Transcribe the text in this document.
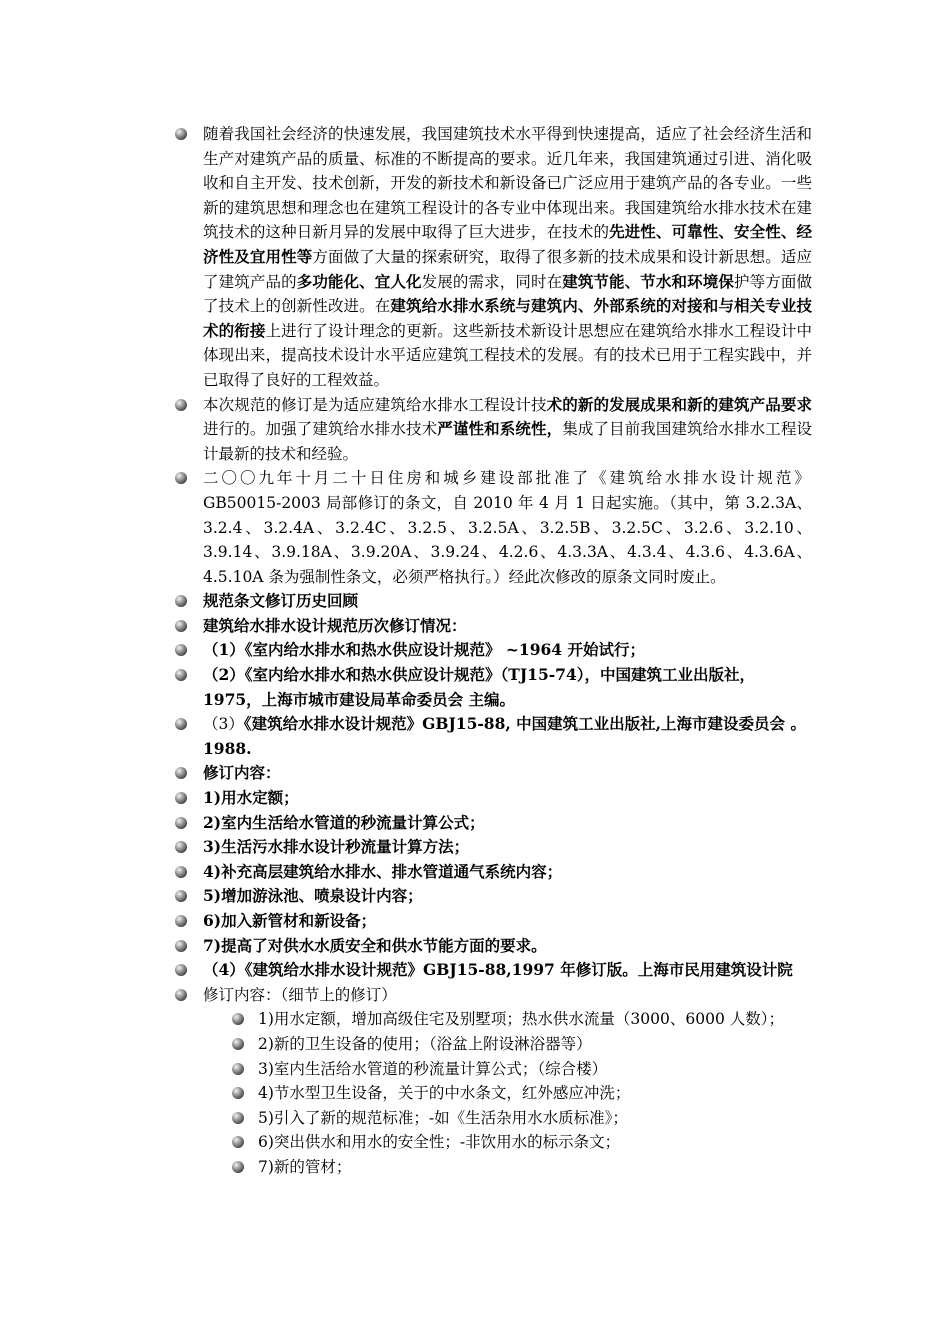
随着我国社会经济的快速发展，我国建筑技术水平得到快速提高，适应了社会经济生活和生产对建筑产品的质量、标准的不断提高的要求。近几年来，我国建筑通过引进、消化吸收和自主开发、技术创新，开发的新技术和新设备已广泛应用于建筑产品的各专业。一些新的建筑思想和理念也在建筑工程设计的各专业中体现出来。我国建筑给水排水技术在建筑技术的这种日新月异的发展中取得了巨大进步，在技术的先进性、可靠性、安全性、经济性及宜用性等方面做了大量的探索研究，取得了很多新的技术成果和设计新思想。适应了建筑产品的多功能化、宜人化发展的需求，同时在建筑节能、节水和环境保护等方面做了技术上的创新性改进。在建筑给水排水系统与建筑内、外部系统的对接和与相关专业技术的衔接上进行了设计理念的更新。这些新技术新设计思想应在建筑给水排水工程设计中体现出来，提高技术设计水平适应建筑工程技术的发展。有的技术已用于工程实践中，并已取得了良好的工程效益。
本次规范的修订是为适应建筑给水排水工程设计技术的新的发展成果和新的建筑产品要求进行的。加强了建筑给水排水技术严谨性和系统性，集成了目前我国建筑给水排水工程设计最新的技术和经验。
二〇〇九年十月二十日住房和城乡建设部批准了《建筑给水排水设计规范》GB50015-2003 局部修订的条文，自 2010 年 4 月 1 日起实施。（其中，第 3.2.3A、3.2.4、3.2.4A、3.2.4C、3.2.5、3.2.5A、3.2.5B、3.2.5C、3.2.6、3.2.10、3.9.14、3.9.18A、3.9.20A、3.9.24、4.2.6、4.3.3A、4.3.4、4.3.6、4.3.6A、4.5.10A 条为强制性条文，必须严格执行。）经此次修改的原条文同时废止。
规范条文修订历史回顾
建筑给水排水设计规范历次修订情况：
（1）《室内给水排水和热水供应设计规范》 ~1964 开始试行；
（2）《室内给水排水和热水供应设计规范》（TJ15-74），中国建筑工业出版社，1975，上海市城市建设局革命委员会 主编。
（3）《建筑给水排水设计规范》GBJ15-88, 中国建筑工业出版社,上海市建设委员会 。1988.
修订内容：
1)用水定额；
2)室内生活给水管道的秒流量计算公式；
3)生活污水排水设计秒流量计算方法；
4)补充高层建筑给水排水、排水管道通气系统内容；
5)增加游泳池、喷泉设计内容；
6)加入新管材和新设备；
7)提高了对供水水质安全和供水节能方面的要求。
（4）《建筑给水排水设计规范》GBJ15-88,1997 年修订版。上海市民用建筑设计院
修订内容：（细节上的修订）
1)用水定额，增加高级住宅及别墅项；热水供水流量（3000、6000 人数）；
2)新的卫生设备的使用；（浴盆上附设淋浴器等）
3)室内生活给水管道的秒流量计算公式；（综合楼）
4)节水型卫生设备，关于的中水条文，红外感应冲洗；
5)引入了新的规范标准；-如《生活杂用水水质标准》；
6)突出供水和用水的安全性；-非饮用水的标示条文；
7)新的管材；
